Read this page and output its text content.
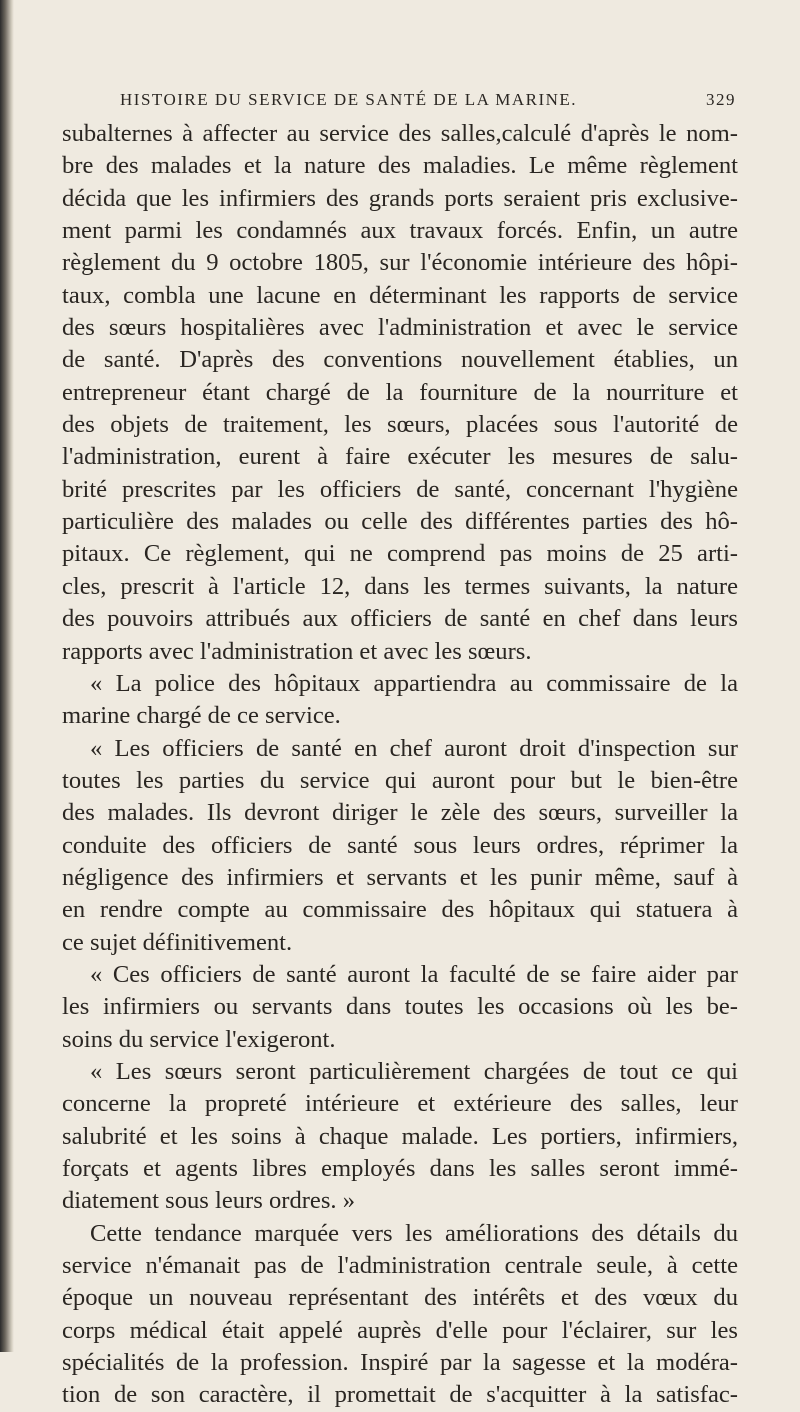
HISTOIRE DU SERVICE DE SANTÉ DE LA MARINE.	329
subalternes à affecter au service des salles,calculé d'après le nom-
bre des malades et la nature des maladies. Le même règlement
décida que les infirmiers des grands ports seraient pris exclusive-
ment parmi les condamnés aux travaux forcés. Enfin, un autre
règlement du 9 octobre 1805, sur l'économie intérieure des hôpi-
taux, combla une lacune en déterminant les rapports de service
des sœurs hospitalières avec l'administration et avec le service
de santé. D'après des conventions nouvellement établies, un
entrepreneur étant chargé de la fourniture de la nourriture et
des objets de traitement, les sœurs, placées sous l'autorité de
l'administration, eurent à faire exécuter les mesures de salu-
brité prescrites par les officiers de santé, concernant l'hygiène
particulière des malades ou celle des différentes parties des hô-
pitaux. Ce règlement, qui ne comprend pas moins de 25 arti-
cles, prescrit à l'article 12, dans les termes suivants, la nature
des pouvoirs attribués aux officiers de santé en chef dans leurs
rapports avec l'administration et avec les sœurs.
« La police des hôpitaux appartiendra au commissaire de la
marine chargé de ce service.
« Les officiers de santé en chef auront droit d'inspection sur
toutes les parties du service qui auront pour but le bien-être
des malades. Ils devront diriger le zèle des sœurs, surveiller la
conduite des officiers de santé sous leurs ordres, réprimer la
négligence des infirmiers et servants et les punir même, sauf à
en rendre compte au commissaire des hôpitaux qui statuera à
ce sujet définitivement.
« Ces officiers de santé auront la faculté de se faire aider par
les infirmiers ou servants dans toutes les occasions où les be-
soins du service l'exigeront.
« Les sœurs seront particulièrement chargées de tout ce qui
concerne la propreté intérieure et extérieure des salles, leur
salubrité et les soins à chaque malade. Les portiers, infirmiers,
forçats et agents libres employés dans les salles seront immé-
diatement sous leurs ordres. »
Cette tendance marquée vers les améliorations des détails du
service n'émanait pas de l'administration centrale seule, à cette
époque un nouveau représentant des intérêts et des vœux du
corps médical était appelé auprès d'elle pour l'éclairer, sur les
spécialités de la profession. Inspiré par la sagesse et la modéra-
tion de son caractère, il promettait de s'acquitter à la satisfac-
